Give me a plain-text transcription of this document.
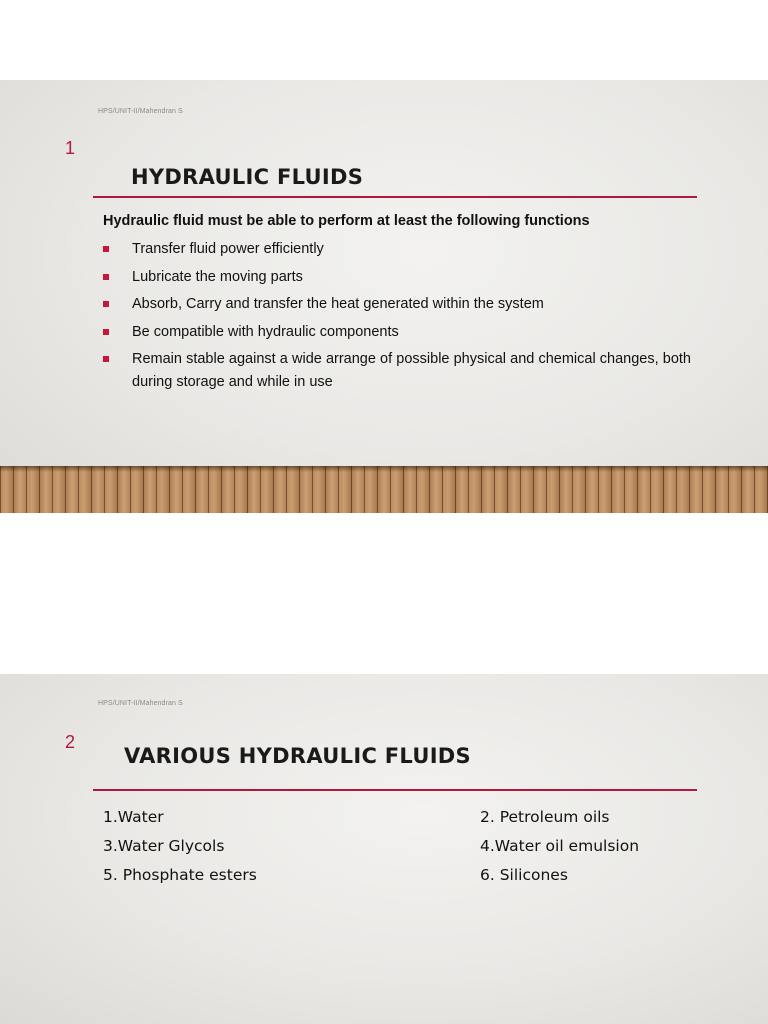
HPS/UNIT-II/Mahendran S
1
HYDRAULIC FLUIDS
Hydraulic fluid must be able to perform at least the following functions
Transfer fluid power efficiently
Lubricate the moving parts
Absorb, Carry and transfer the heat generated within the system
Be compatible with hydraulic components
Remain stable against a wide arrange of possible physical and chemical changes, both during storage and while in use
HPS/UNIT-II/Mahendran S
2
VARIOUS HYDRAULIC FLUIDS
1.Water	2. Petroleum oils
3.Water Glycols	4.Water oil emulsion
5. Phosphate esters	6. Silicones
